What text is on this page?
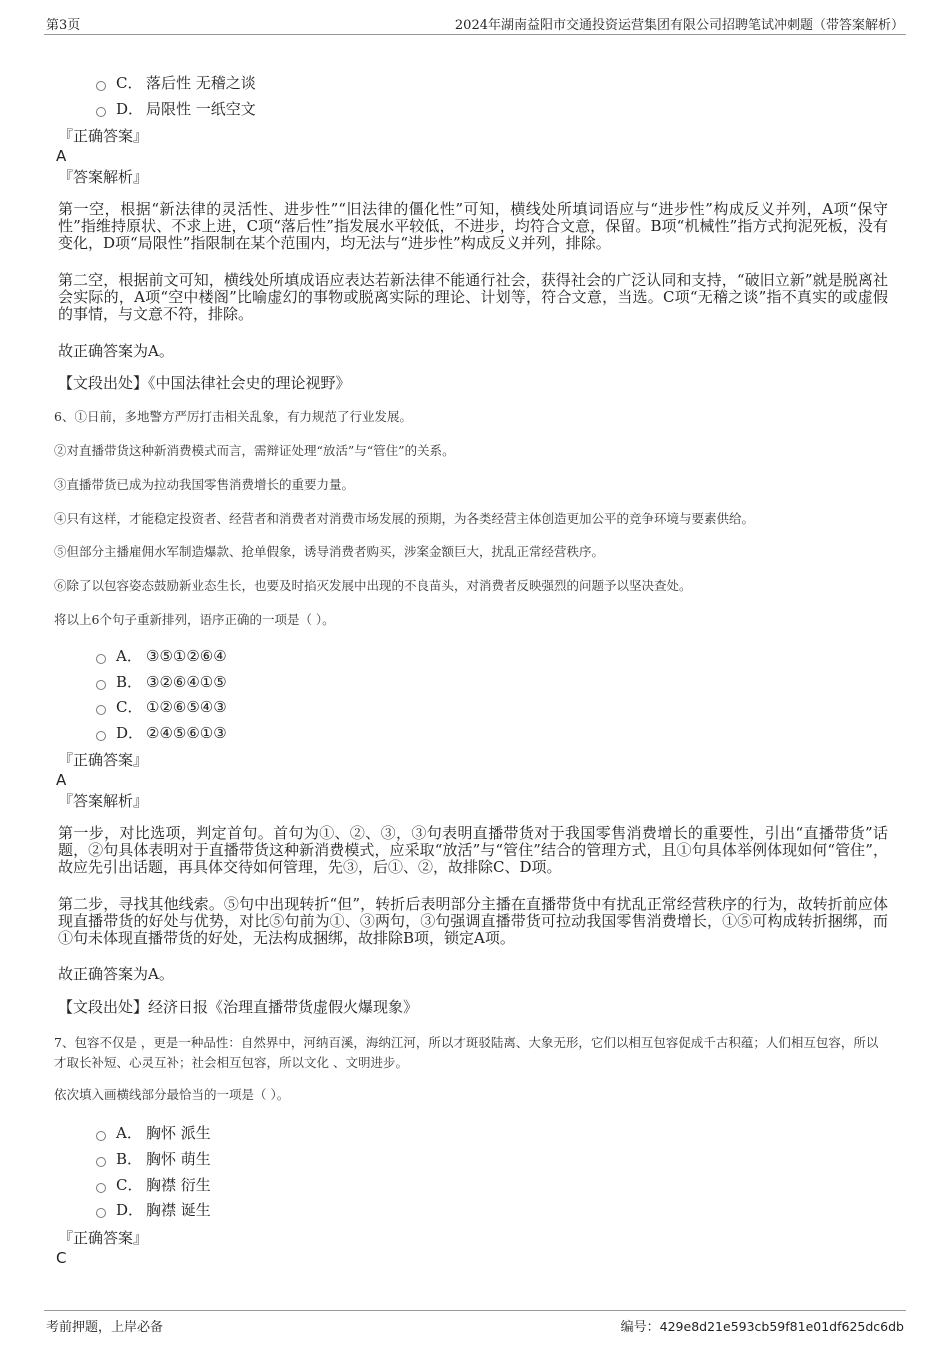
第3页	2024年湖南益阳市交通投资运营集团有限公司招聘笔试冲刺题（带答案解析）
C． 落后性 无稽之谈
D． 局限性 一纸空文
『正确答案』
A
『答案解析』
第一空，根据“新法律的灵活性、进步性”“旧法律的僵化性”可知，横线处所填词语应与“进步性”构成反义并列，A项“保守性”指维持原状、不求上进，C项“落后性”指发展水平较低，不进步，均符合文意，保留。B项“机械性”指方式拘泥死板，没有变化，D项“局限性”指限制在某个范围内，均无法与“进步性”构成反义并列，排除。
第二空，根据前文可知，横线处所填成语应表达若新法律不能通行社会，获得社会的广泛认同和支持，“破旧立新”就是脱离社会实际的，A项“空中楼阁”比喻虚幻的事物或脱离实际的理论、计划等，符合文意，当选。C项“无稽之谈”指不真实的或虚假的事情，与文意不符，排除。
故正确答案为A。
【文段出处】《中国法律社会史的理论视野》
6、①日前，多地警方严厉打击相关乱象，有力规范了行业发展。
②对直播带货这种新消费模式而言，需辩证处理“放活”与“管住”的关系。
③直播带货已成为拉动我国零售消费增长的重要力量。
④只有这样，才能稳定投资者、经营者和消费者对消费市场发展的预期，为各类经营主体创造更加公平的竞争环境与要素供给。
⑤但部分主播雇佣水军制造爆款、抢单假象，诱导消费者购买，涉案金额巨大，扰乱正常经营秩序。
⑥除了以包容姿态鼓励新业态生长，也要及时掐灭发展中出现的不良苗头，对消费者反映强烈的问题予以坚决查处。
将以上6个句子重新排列，语序正确的一项是（ ）。
A． ③⑤①②⑥④
B． ③②⑥④①⑤
C． ①②⑥⑤④③
D． ②④⑤⑥①③
『正确答案』
A
『答案解析』
第一步，对比选项，判定首句。首句为①、②、③，③句表明直播带货对于我国零售消费增长的重要性，引出“直播带货”话题，②句具体表明对于直播带货这种新消费模式，应采取“放活”与“管住”结合的管理方式，且①句具体举例体现如何“管住”，故应先引出话题，再具体交待如何管理，先③，后①、②，故排除C、D项。
第二步，寻找其他线索。⑤句中出现转折“但”，转折后表明部分主播在直播带货中有扰乱正常经营秩序的行为，故转折前应体现直播带货的好处与优势，对比⑤句前为①、③两句，③句强调直播带货可拉动我国零售消费增长，①⑤可构成转折捆绑，而①句未体现直播带货的好处，无法构成捆绑，故排除B项，锁定A项。
故正确答案为A。
【文段出处】经济日报《治理直播带货虚假火爆现象》
7、包容不仅是 ，更是一种品性：自然界中，河纳百溪，海纳江河，所以才斑驳陆离、大象无形，它们以相互包容促成千古积蕴；人们相互包容，所以才取长补短、心灵互补；社会相互包容，所以文化 、文明进步。
依次填入画横线部分最恰当的一项是（ ）。
A． 胸怀 派生
B． 胸怀 萌生
C． 胸襟 衍生
D． 胸襟 诞生
『正确答案』
C
考前押题，上岸必备	编号：429e8d21e593cb59f81e01df625dc6db
